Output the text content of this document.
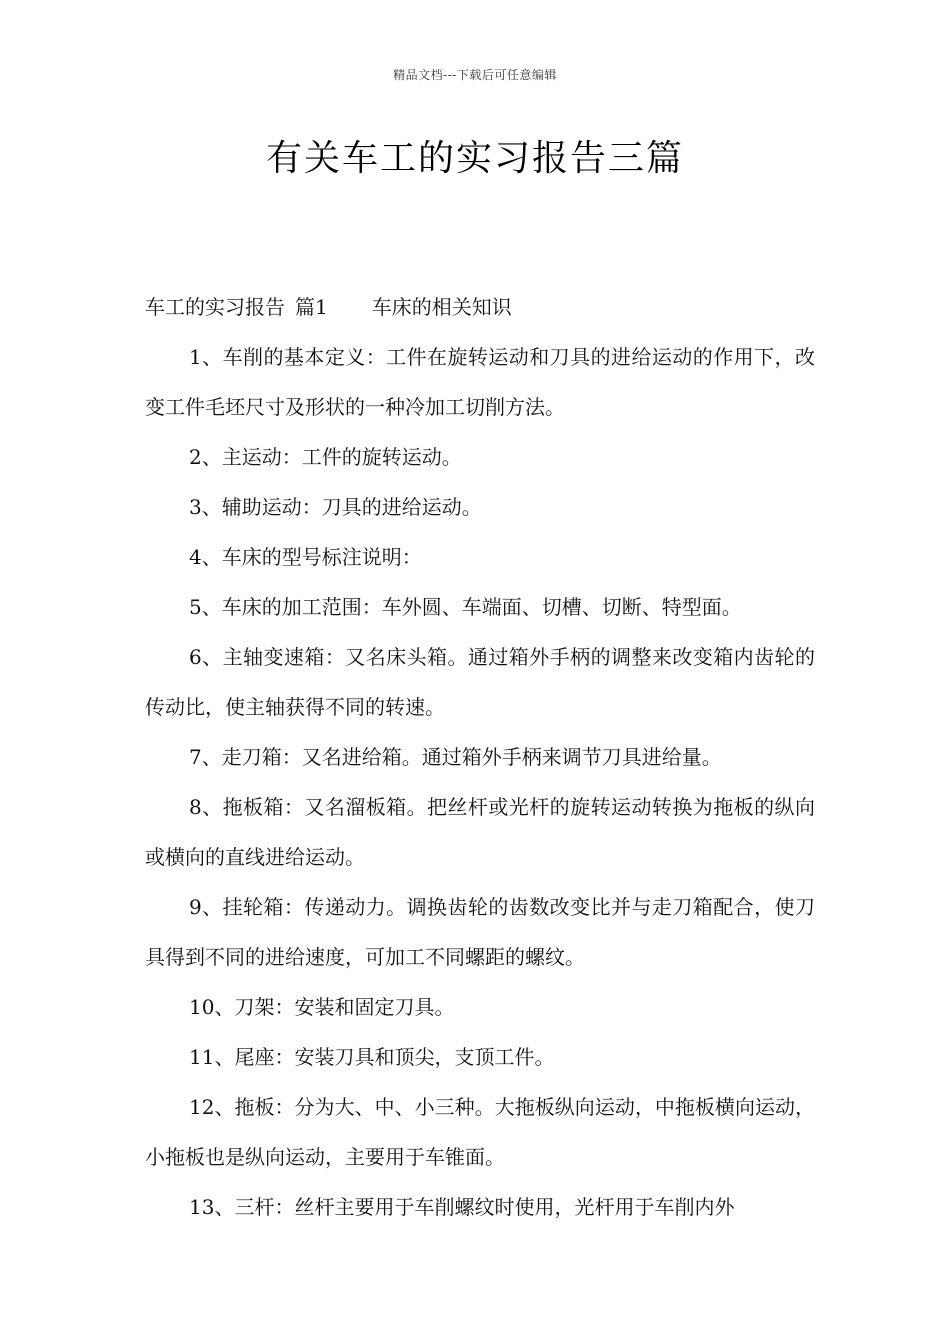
精品文档---下载后可任意编辑
有关车工的实习报告三篇

车工的实习报告 篇1 车床的相关知识

1、车削的基本定义：工件在旋转运动和刀具的进给运动的作用下，改变工件毛坯尺寸及形状的一种冷加工切削方法。

2、主运动：工件的旋转运动。

3、辅助运动：刀具的进给运动。

4、车床的型号标注说明：

5、车床的加工范围：车外圆、车端面、切槽、切断、特型面。

6、主轴变速箱：又名床头箱。通过箱外手柄的调整来改变箱内齿轮的传动比，使主轴获得不同的转速。

7、走刀箱：又名进给箱。通过箱外手柄来调节刀具进给量。

8、拖板箱：又名溜板箱。把丝杆或光杆的旋转运动转换为拖板的纵向或横向的直线进给运动。

9、挂轮箱：传递动力。调换齿轮的齿数改变比并与走刀箱配合，使刀具得到不同的进给速度，可加工不同螺距的螺纹。

10、刀架：安装和固定刀具。

11、尾座：安装刀具和顶尖，支顶工件。

12、拖板：分为大、中、小三种。大拖板纵向运动，中拖板横向运动，小拖板也是纵向运动，主要用于车锥面。

13、三杆：丝杆主要用于车削螺纹时使用，光杆用于车削内外
